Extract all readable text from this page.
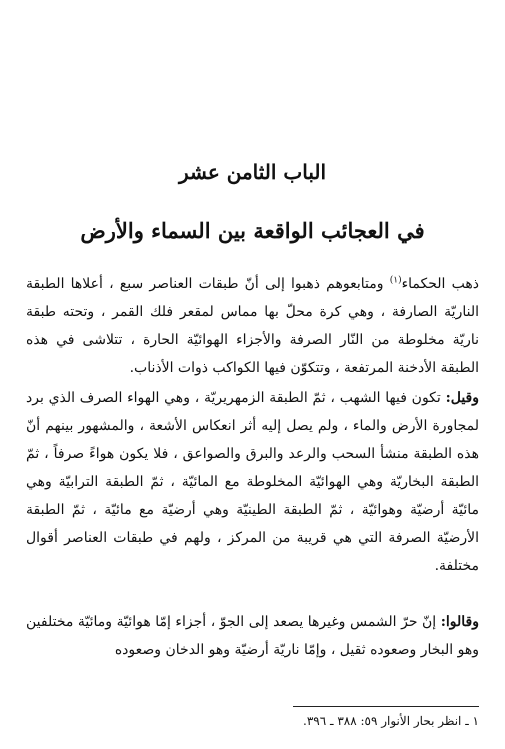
الباب الثامن عشر
في العجائب الواقعة بين السماء والأرض

ذهب الحكماء$^{(١)}$ ومتابعوهم ذهبوا إلى أنّ طبقات العناصر سبع ، أعلاها الطبقة الناريّة الصارفة ، وهي كرة محلّ بها مماس لمقعر فلك القمر ، وتحته طبقة ناريّة مخلوطة من النّار الصرفة والأجزاء الهوائيّة الحارة ، تتلاشى في هذه الطبقة الأدخنة المرتفعة ، وتتكوّن فيها الكواكب ذوات الأذناب.

وقيل: تكون فيها الشهب ، ثمّ الطبقة الزمهريريّة ، وهي الهواء الصرف الذي برد لمجاورة الأرض والماء ، ولم يصل إليه أثر انعكاس الأشعة ، والمشهور بينهم أنّ هذه الطبقة منشأ السحب والرعد والبرق والصواعق ، فلا يكون هواءً صرفاً ، ثمّ الطبقة البخاريّة وهي الهوائيّة المخلوطة مع المائيّة ، ثمّ الطبقة الترابيّة وهي مائيّة أرضيّة وهوائيّة ، ثمّ الطبقة الطينيّة وهي أرضيّة مع مائيّة ، ثمّ الطبقة الأرضيّة الصرفة التي هي قريبة من المركز ، ولهم في طبقات العناصر أقوال مختلفة.

وقالوا: إنّ حرّ الشمس وغيرها يصعد إلى الجوّ ، أجزاء إمّا هوائيّة ومائيّة مختلفين وهو البخار وصعوده ثقيل ، وإمّا ناريّة أرضيّة وهو الدخان وصعوده

١ ـ انظر بحار الأنوار ٥٩: ٣٨٨ ـ ٣٩٦.
